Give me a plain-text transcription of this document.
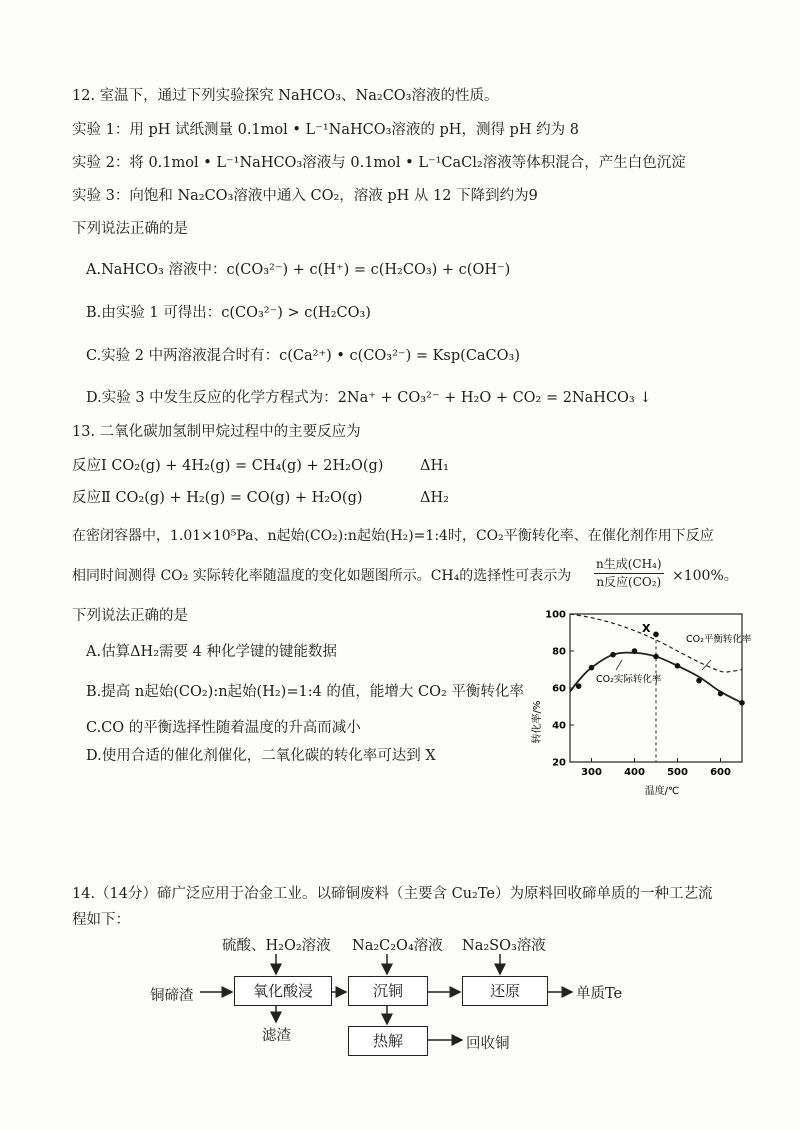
12. 室温下，通过下列实验探究 NaHCO₃、Na₂CO₃溶液的性质。
实验 1：用 pH 试纸测量 0.1mol • L⁻¹NaHCO₃溶液的 pH，测得 pH 约为 8
实验 2：将 0.1mol • L⁻¹NaHCO₃溶液与 0.1mol • L⁻¹CaCl₂溶液等体积混合，产生白色沉淀
实验 3：向饱和 Na₂CO₃溶液中通入 CO₂，溶液 pH 从 12 下降到约为9
下列说法正确的是
A.NaHCO₃ 溶液中：c(CO₃²⁻) + c(H⁺) = c(H₂CO₃) + c(OH⁻)
B.由实验 1 可得出：c(CO₃²⁻) > c(H₂CO₃)
C.实验 2 中两溶液混合时有：c(Ca²⁺) • c(CO₃²⁻) = Ksp(CaCO₃)
D.实验 3 中发生反应的化学方程式为：2Na⁺ + CO₃²⁻ + H₂O + CO₂ = 2NaHCO₃ ↓
13. 二氧化碳加氢制甲烷过程中的主要反应为
反应Ⅰ CO₂(g) + 4H₂(g) = CH₄(g) + 2H₂O(g)	ΔH₁
反应Ⅱ CO₂(g) + H₂(g) = CO(g) + H₂O(g)	ΔH₂
在密闭容器中，1.01×10⁵Pa、n起始(CO₂):n起始(H₂)=1:4时，CO₂平衡转化率、在催化剂作用下反应
相同时间测得 CO₂ 实际转化率随温度的变化如题图所示。CH₄的选择性可表示为
n生成(CH₄)
n反应(CO₂) ×100%。
下列说法正确的是
A.估算ΔH₂需要 4 种化学键的键能数据
B.提高 n起始(CO₂):n起始(H₂)=1:4 的值，能增大 CO₂ 平衡转化率
C.CO 的平衡选择性随着温度的升高而减小
D.使用合适的催化剂催化，二氧化碳的转化率可达到 X	20
40
60
80
100
300 400 500 600
转化率/%
温度/℃
CO₂平衡转化率
CO₂实际转化率
X
14.（14分）碲广泛应用于冶金工业。以碲铜废料（主要含 Cu₂Te）为原料回收碲单质的一种工艺流
程如下：
硫酸、H₂O₂溶液 Na₂C₂O₄溶液 Na₂SO₃溶液
铜碲渣	氧化酸浸	沉铜	还原	单质Te
滤渣	热解	回收铜
